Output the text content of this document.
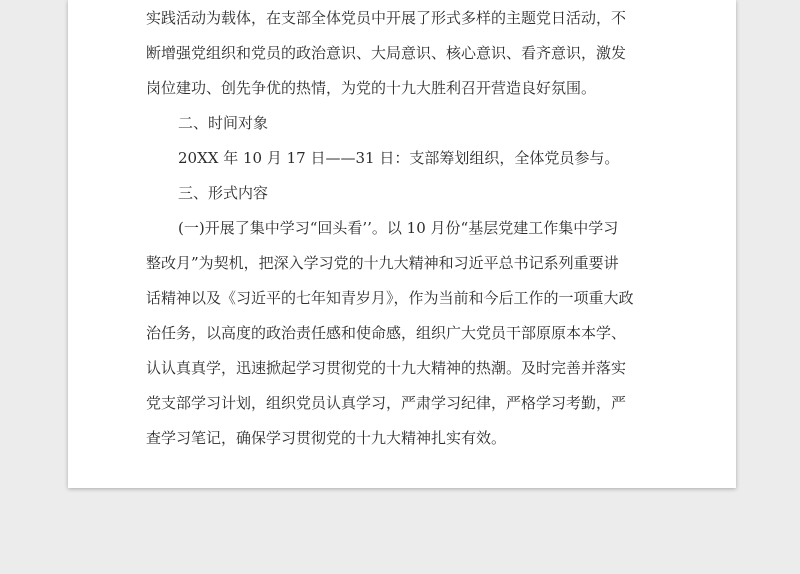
实践活动为载体，在支部全体党员中开展了形式多样的主题党日活动，不
断增强党组织和党员的政治意识、大局意识、核心意识、看齐意识，激发
岗位建功、创先争优的热情，为党的十九大胜利召开营造良好氛围。
二、时间对象
20XX 年 10 月 17 日——31 日：支部筹划组织，全体党员参与。
三、形式内容
(一)开展了集中学习“回头看’’。以 10 月份“基层党建工作集中学习
整改月”为契机，把深入学习党的十九大精神和习近平总书记系列重要讲
话精神以及《习近平的七年知青岁月》，作为当前和今后工作的一项重大政
治任务，以高度的政治责任感和使命感，组织广大党员干部原原本本学、
认认真真学，迅速掀起学习贯彻党的十九大精神的热潮。及时完善并落实
党支部学习计划，组织党员认真学习，严肃学习纪律，严格学习考勤，严
查学习笔记，确保学习贯彻党的十九大精神扎实有效。
